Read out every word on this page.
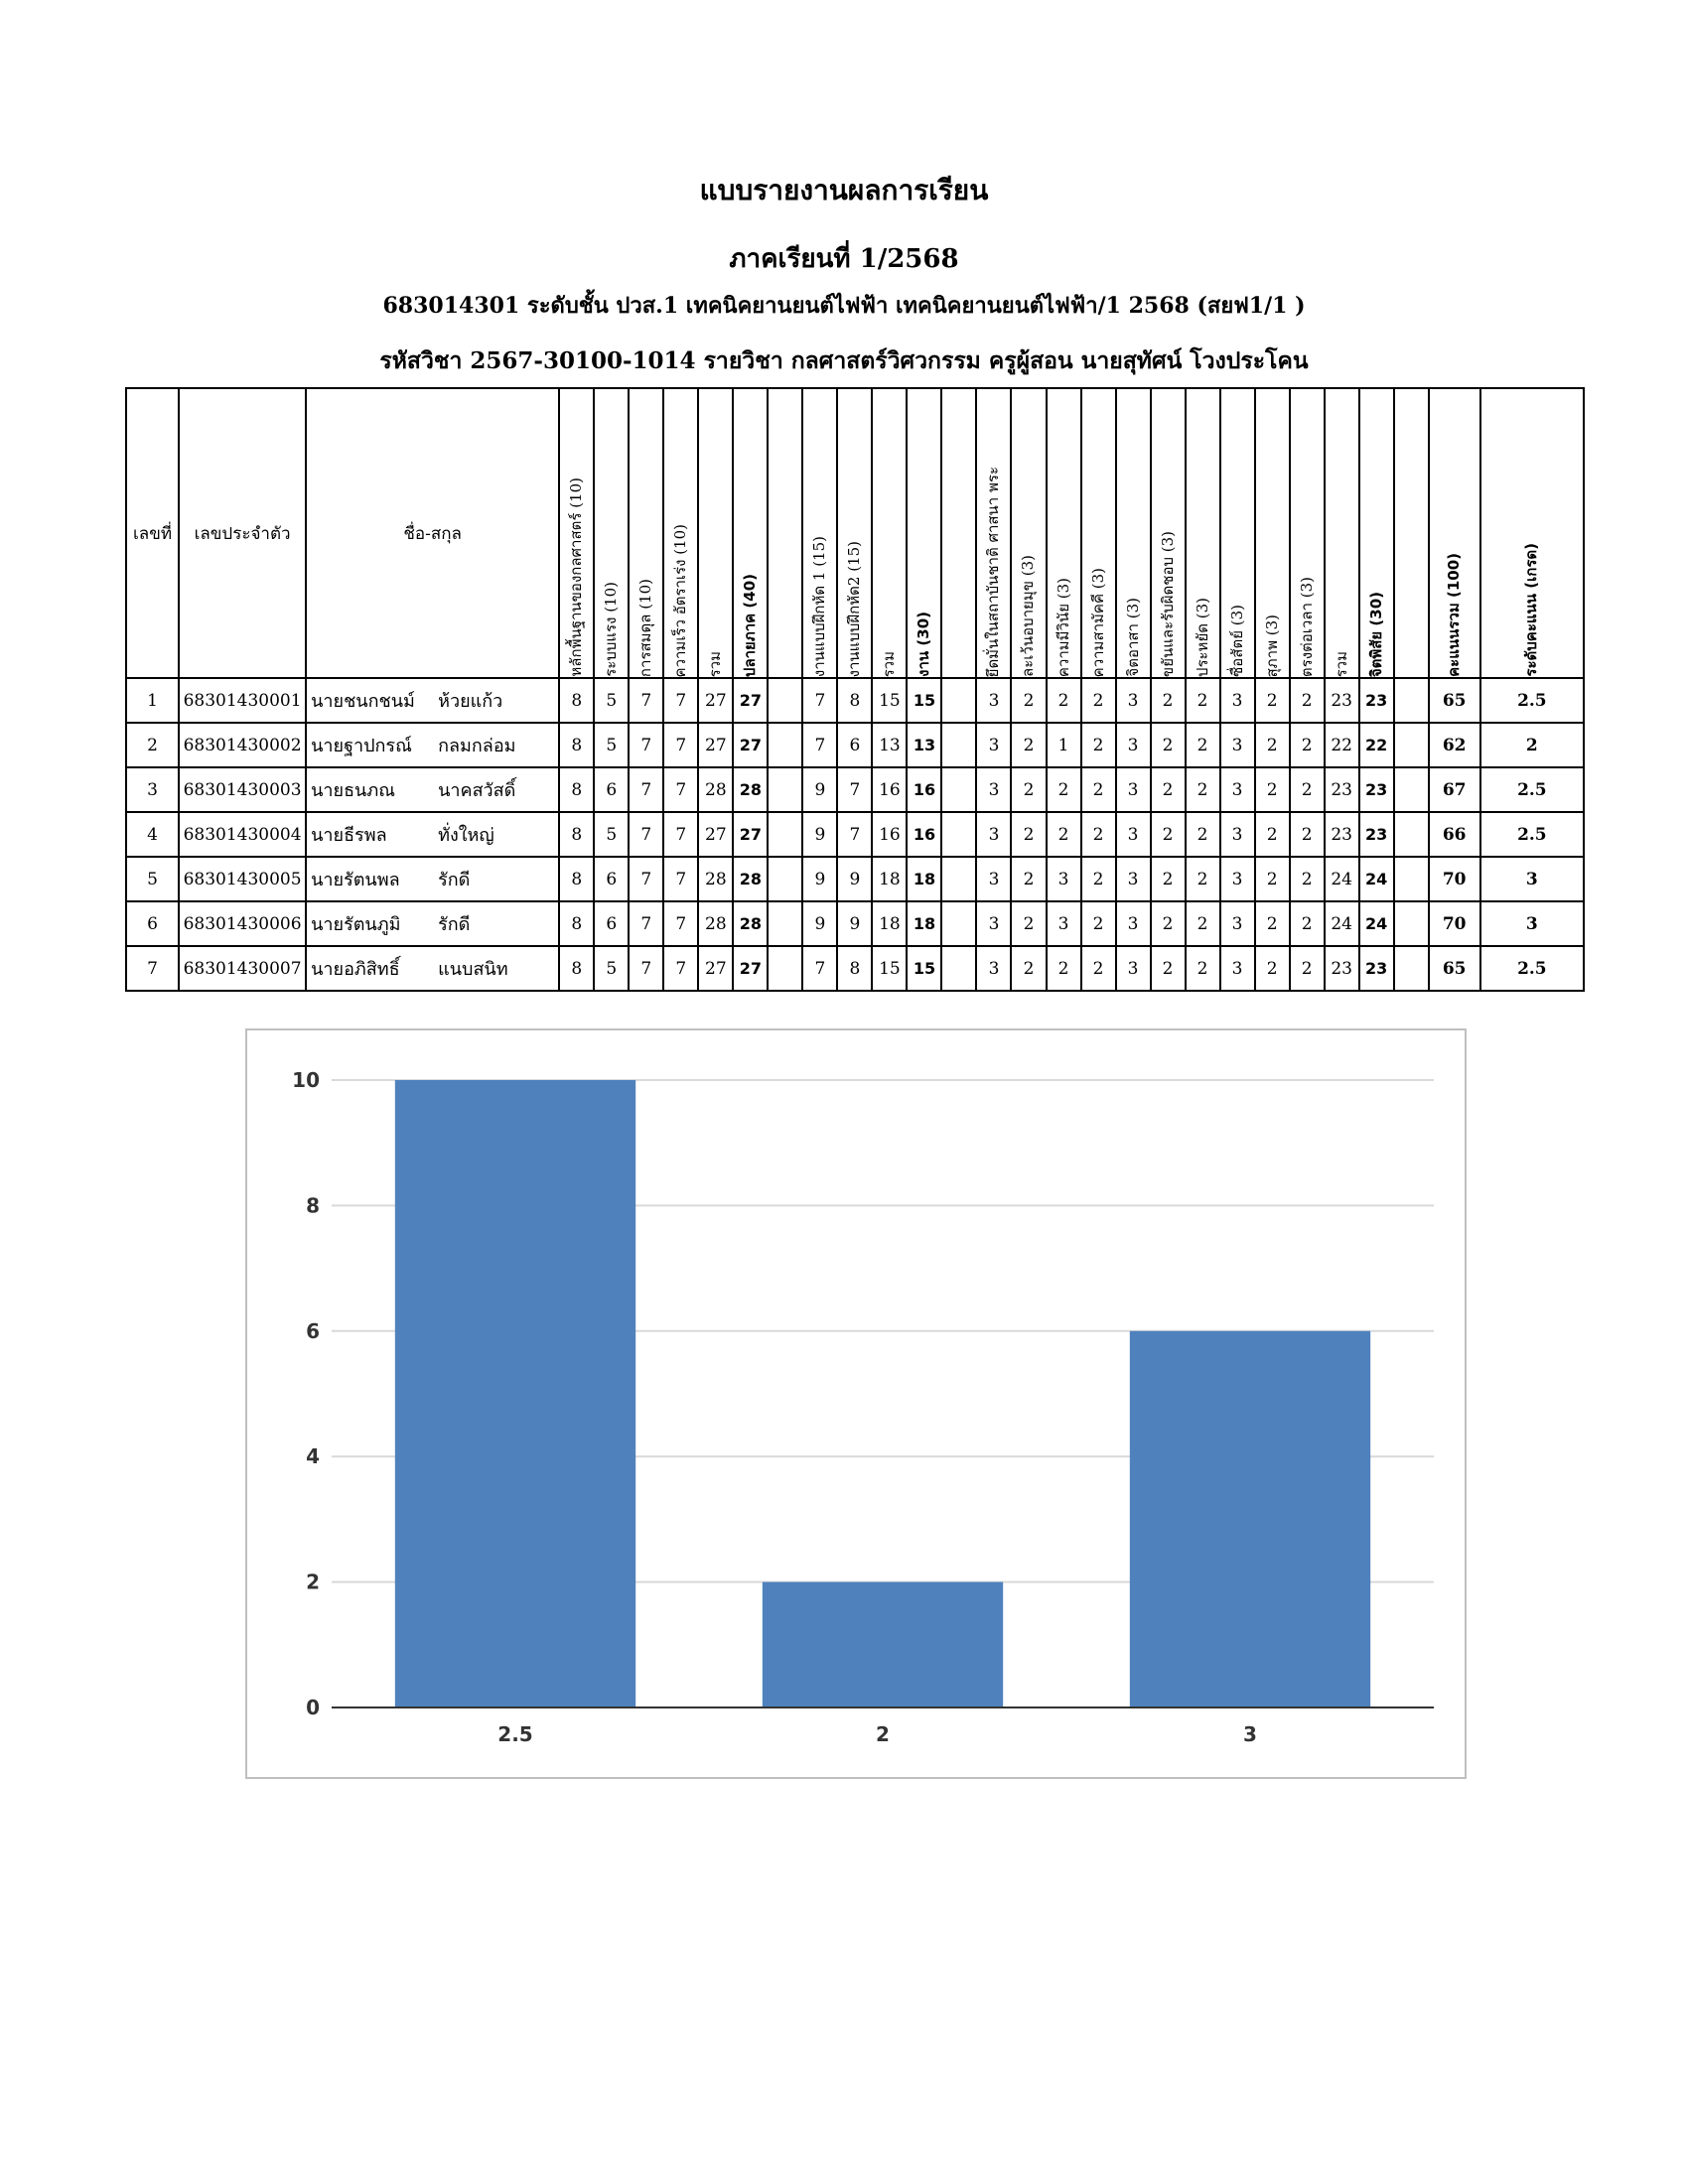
แบบรายงานผลการเรียน
ภาคเรียนที่ 1/2568
683014301 ระดับชั้น ปวส.1 เทคนิคยานยนต์ไฟฟ้า เทคนิคยานยนต์ไฟฟ้า/1 2568 (สยฟ1/1 )
รหัสวิชา 2567-30100-1014 รายวิชา กลศาสตร์วิศวกรรม ครูผู้สอน นายสุทัศน์ โวงประโคน
เลขที่	เลขประจำตัว	ชื่อ-สกุล	หลักพื้นฐานของกลศาสตร์ (10)	ระบบแรง (10)	การสมดุล (10)	ความเร็ว อัตราเร่ง (10)	รวม	ปลายภาค (40)		งานแบบฝึกหัด 1 (15)	งานแบบฝึกหัด2 (15)	รวม	งาน (30)		ยึดมั่นในสถาบันชาติ ศาสนา พระ	ละเว้นอบายมุข (3)	ความมีวินัย (3)	ความสามัคคี (3)	จิตอาสา (3)	ขยันและรับผิดชอบ (3)	ประหยัด (3)	ซื่อสัตย์ (3)	สุภาพ (3)	ตรงต่อเวลา (3)	รวม	จิตพิสัย (30)		คะแนนรวม (100)	ระดับคะแนน (เกรด)

1	68301430001	นายชนกชนม์ ห้วยแก้ว	8	5	7	7	27	27		7	8	15	15		3	2	2	2	3	2	2	3	2	2	23	23		65	2.5
2	68301430002	นายฐาปกรณ์ กลมกล่อม	8	5	7	7	27	27		7	6	13	13		3	2	1	2	3	2	2	3	2	2	22	22		62	2
3	68301430003	นายธนภณ นาคสวัสดิ์	8	6	7	7	28	28		9	7	16	16		3	2	2	2	3	2	2	3	2	2	23	23		67	2.5
4	68301430004	นายธีรพล ทั่งใหญ่	8	5	7	7	27	27		9	7	16	16		3	2	2	2	3	2	2	3	2	2	23	23		66	2.5
5	68301430005	นายรัตนพล รักดี	8	6	7	7	28	28		9	9	18	18		3	2	3	2	3	2	2	3	2	2	24	24		70	3
6	68301430006	นายรัตนภูมิ รักดี	8	6	7	7	28	28		9	9	18	18		3	2	3	2	3	2	2	3	2	2	24	24		70	3
7	68301430007	นายอภิสิทธิ์ แนบสนิท	8	5	7	7	27	27		7	8	15	15		3	2	2	2	3	2	2	3	2	2	23	23		65	2.5
0
2
4
6
8
10
2.5	2	3
